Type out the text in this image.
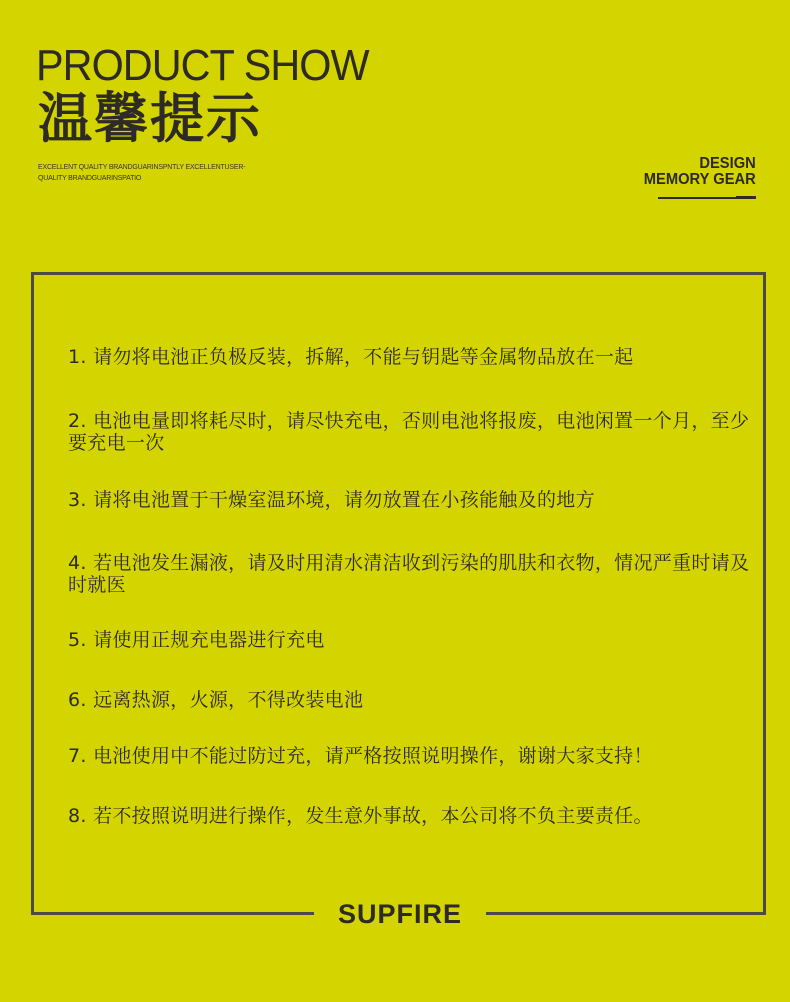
PRODUCT SHOW
温馨提示
EXCELLENT QUALITY BRANDGUARINSPNTLY EXCELLENTUSER-
QUALITY BRANDGUARINSPATIO
DESIGN
MEMORY GEAR
1. 请勿将电池正负极反装，拆解，不能与钥匙等金属物品放在一起
2. 电池电量即将耗尽时，请尽快充电，否则电池将报废，电池闲置一个月，至少要充电一次
3. 请将电池置于干燥室温环境，请勿放置在小孩能触及的地方
4. 若电池发生漏液，请及时用清水清洁收到污染的肌肤和衣物，情况严重时请及时就医
5. 请使用正规充电器进行充电
6. 远离热源，火源，不得改装电池
7. 电池使用中不能过防过充，请严格按照说明操作，谢谢大家支持！
8. 若不按照说明进行操作，发生意外事故，本公司将不负主要责任。
SUPFIRE
